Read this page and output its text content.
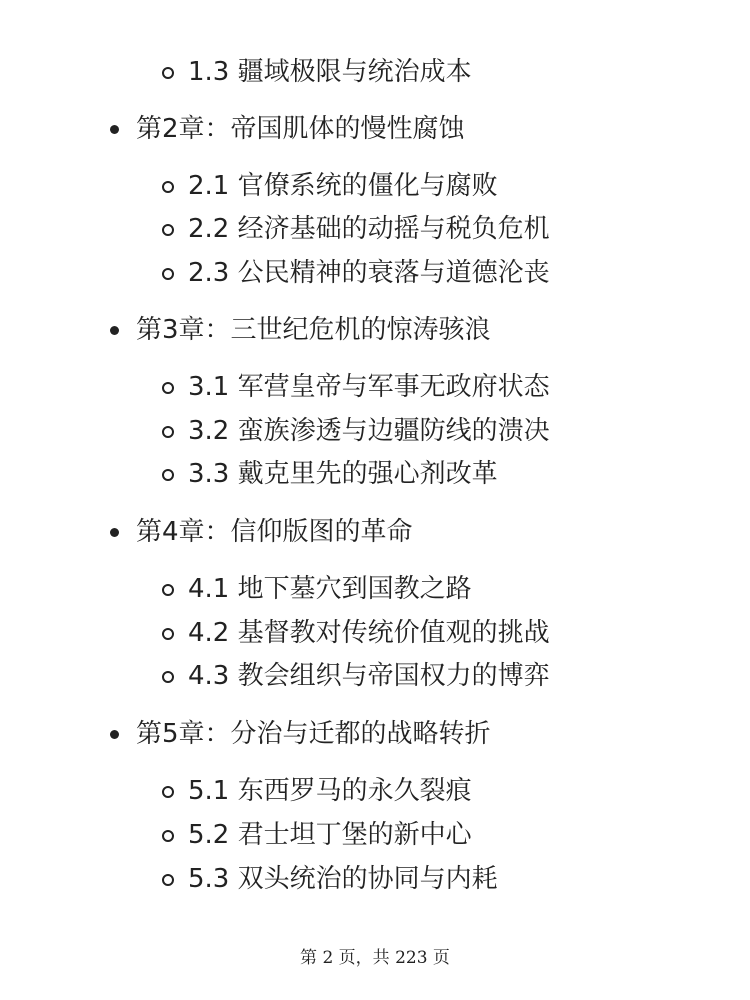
1.3 疆域极限与统治成本
第2章：帝国肌体的慢性腐蚀
2.1 官僚系统的僵化与腐败
2.2 经济基础的动摇与税负危机
2.3 公民精神的衰落与道德沦丧
第3章：三世纪危机的惊涛骇浪
3.1 军营皇帝与军事无政府状态
3.2 蛮族渗透与边疆防线的溃决
3.3 戴克里先的强心剂改革
第4章：信仰版图的革命
4.1 地下墓穴到国教之路
4.2 基督教对传统价值观的挑战
4.3 教会组织与帝国权力的博弈
第5章：分治与迁都的战略转折
5.1 东西罗马的永久裂痕
5.2 君士坦丁堡的新中心
5.3 双头统治的协同与内耗
第 2 页，共 223 页
